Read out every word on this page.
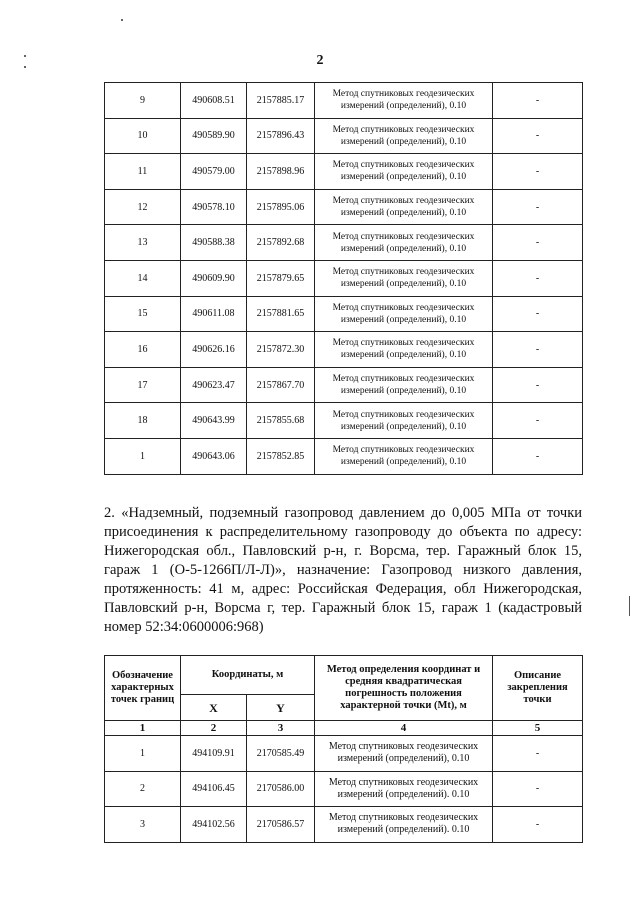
2
9	490608.51	2157885.17	Метод спутниковых геодезических измерений (определений), 0.10	-
10	490589.90	2157896.43	Метод спутниковых геодезических измерений (определений), 0.10	-
11	490579.00	2157898.96	Метод спутниковых геодезических измерений (определений), 0.10	-
12	490578.10	2157895.06	Метод спутниковых геодезических измерений (определений), 0.10	-
13	490588.38	2157892.68	Метод спутниковых геодезических измерений (определений), 0.10	-
14	490609.90	2157879.65	Метод спутниковых геодезических измерений (определений), 0.10	-
15	490611.08	2157881.65	Метод спутниковых геодезических измерений (определений), 0.10	-
16	490626.16	2157872.30	Метод спутниковых геодезических измерений (определений), 0.10	-
17	490623.47	2157867.70	Метод спутниковых геодезических измерений (определений), 0.10	-
18	490643.99	2157855.68	Метод спутниковых геодезических измерений (определений), 0.10	-
1	490643.06	2157852.85	Метод спутниковых геодезических измерений (определений), 0.10	-

2. «Надземный, подземный газопровод давлением до 0,005 МПа от точки присоединения к распределительному газопроводу до объекта по адресу: Нижегородская обл., Павловский р-н, г. Ворсма, тер. Гаражный блок 15, гараж 1 (О-5-1266П/Л-Л)», назначение: Газопровод низкого давления, протяженность: 41 м, адрес: Российская Федерация, обл Нижегородская, Павловский р-н, Ворсма г, тер. Гаражный блок 15, гараж 1 (кадастровый номер 52:34:0600006:968)

Обозначение характерных точек границ	Координаты, м		Метод определения координат и средняя квадратическая погрешность положения характерной точки (Mt), м	Описание закрепления точки
	X	Y		
1	2	3	4	5
1	494109.91	2170585.49	Метод спутниковых геодезических измерений (определений), 0.10	-
2	494106.45	2170586.00	Метод спутниковых геодезических измерений (определений). 0.10	-
3	494102.56	2170586.57	Метод спутниковых геодезических измерений (определений). 0.10	-
